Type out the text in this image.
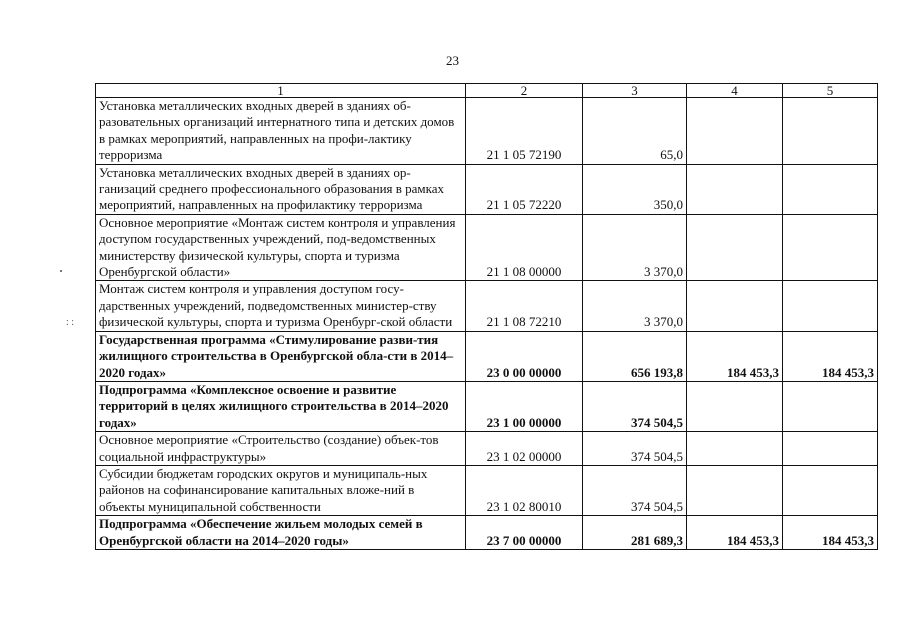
23
: :
1	2	3	4	5
Установка металлических входных дверей в зданиях об-разовательных организаций интернатного типа и детских домов в рамках мероприятий, направленных на профи-лактику терроризма	21 1 05 72190	65,0		
Установка металлических входных дверей в зданиях ор-ганизаций среднего профессионального образования в рамках мероприятий, направленных на профилактику терроризма	21 1 05 72220	350,0		
Основное мероприятие «Монтаж систем контроля и управления доступом государственных учреждений, под-ведомственных министерству физической культуры, спорта и туризма Оренбургской области»	21 1 08 00000	3 370,0		
Монтаж систем контроля и управления доступом госу-дарственных учреждений, подведомственных министер-ству физической культуры, спорта и туризма Оренбург-ской области	21 1 08 72210	3 370,0		
Государственная программа «Стимулирование разви-тия жилищного строительства в Оренбургской обла-сти в 2014–2020 годах»	23 0 00 00000	656 193,8	184 453,3	184 453,3
Подпрограмма «Комплексное освоение и развитие территорий в целях жилищного строительства в 2014–2020 годах»	23 1 00 00000	374 504,5		
Основное мероприятие «Строительство (создание) объек-тов социальной инфраструктуры»	23 1 02 00000	374 504,5		
Субсидии бюджетам городских округов и муниципаль-ных районов на софинансирование капитальных вложе-ний в объекты муниципальной собственности	23 1 02 80010	374 504,5		
Подпрограмма «Обеспечение жильем молодых семей в Оренбургской области на 2014–2020 годы»	23 7 00 00000	281 689,3	184 453,3	184 453,3
